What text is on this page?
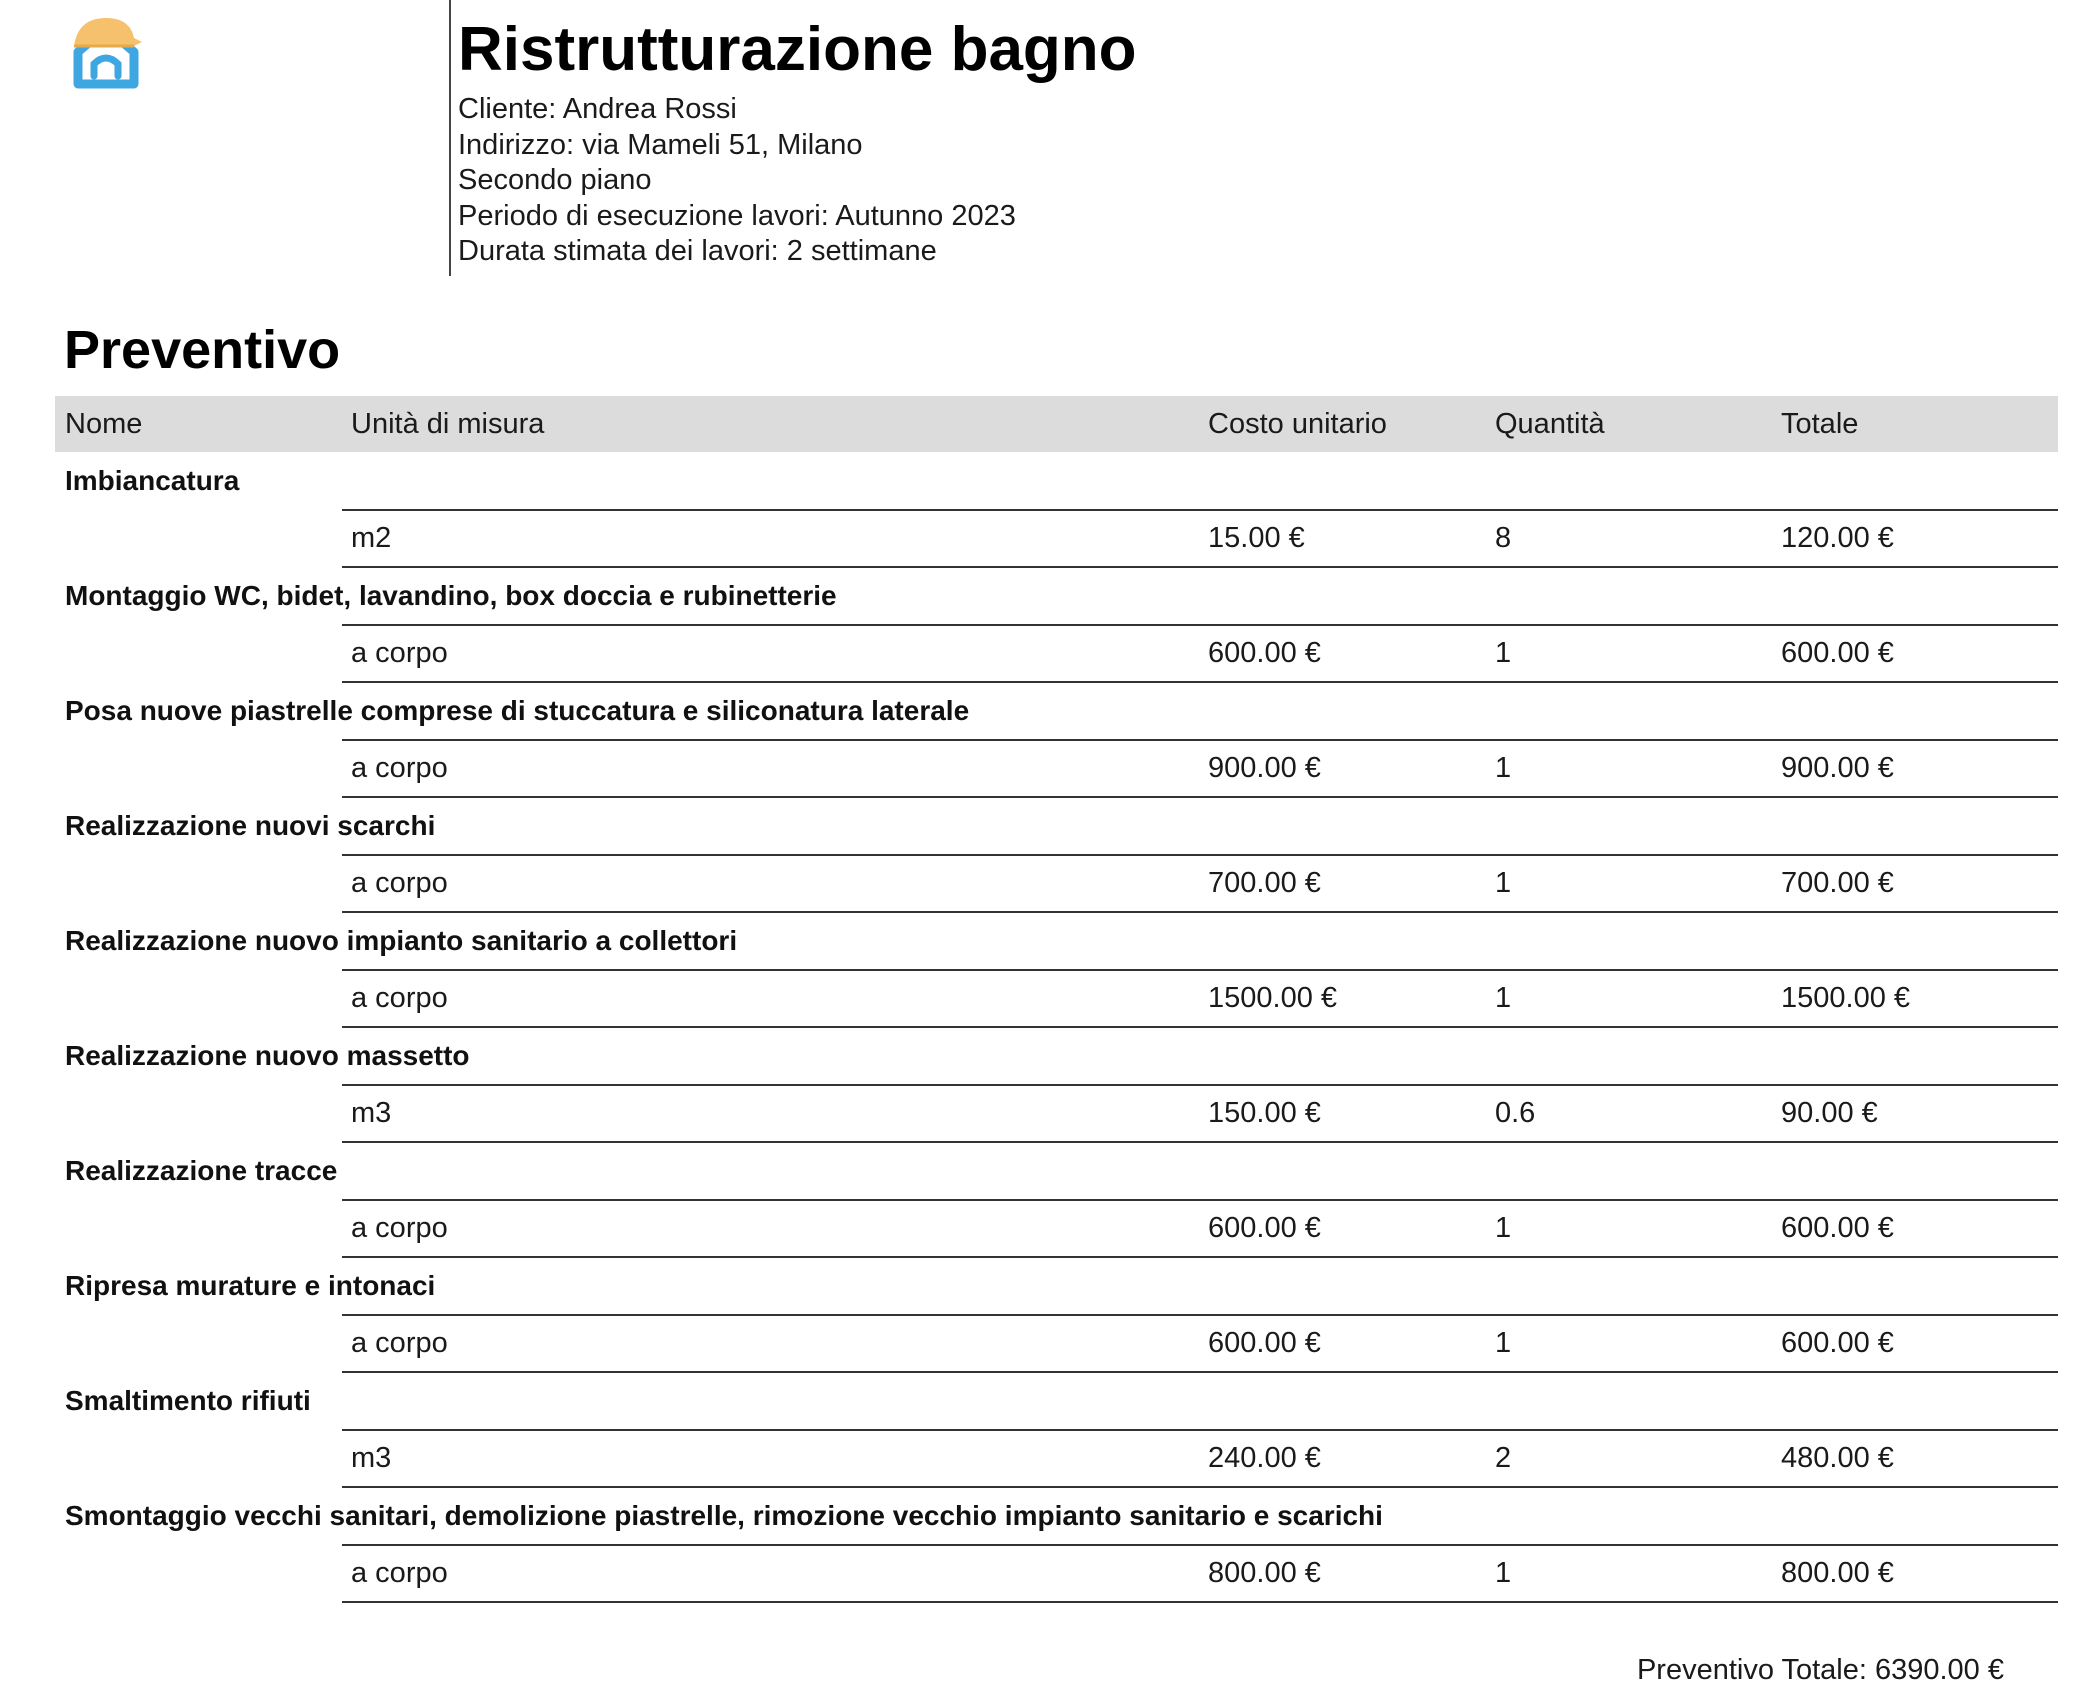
Ristrutturazione bagno
Cliente: Andrea Rossi
Indirizzo: via Mameli 51, Milano
Secondo piano
Periodo di esecuzione lavori: Autunno 2023
Durata stimata dei lavori: 2 settimane
Preventivo
Nome	Unità di misura	Costo unitario	Quantità	Totale
Imbiancatura
m2	15.00 €	8	120.00 €
Montaggio WC, bidet, lavandino, box doccia e rubinetterie
a corpo	600.00 €	1	600.00 €
Posa nuove piastrelle comprese di stuccatura e siliconatura laterale
a corpo	900.00 €	1	900.00 €
Realizzazione nuovi scarchi
a corpo	700.00 €	1	700.00 €
Realizzazione nuovo impianto sanitario a collettori
a corpo	1500.00 €	1	1500.00 €
Realizzazione nuovo massetto
m3	150.00 €	0.6	90.00 €
Realizzazione tracce
a corpo	600.00 €	1	600.00 €
Ripresa murature e intonaci
a corpo	600.00 €	1	600.00 €
Smaltimento rifiuti
m3	240.00 €	2	480.00 €
Smontaggio vecchi sanitari, demolizione piastrelle, rimozione vecchio impianto sanitario e scarichi
a corpo	800.00 €	1	800.00 €
Preventivo Totale: 6390.00 €
